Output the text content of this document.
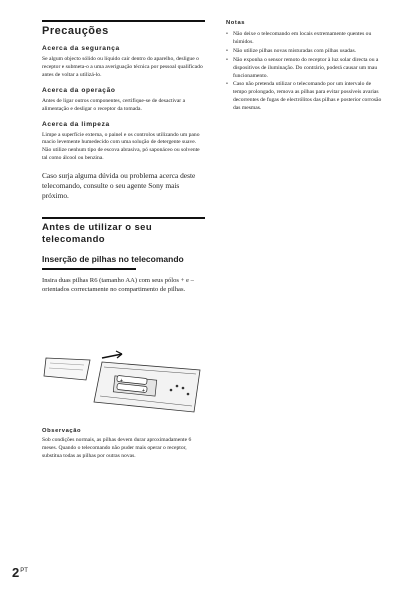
Precauções
Acerca da segurança

Se algum objecto sólido ou líquido cair dentro do aparelho, desligue o receptor e submeta-o a uma averiguação técnica por pessoal qualificado antes de voltar a utilizá-lo.

Acerca da operação

Antes de ligar outros componentes, certifique-se de desactivar a alimentação e desligar o receptor da tomada.

Acerca da limpeza

Limpe a superfície externa, o painel e os controlos utilizando um pano macio levemente humedecido com uma solução de detergente suave. Não utilize nenhum tipo de escova abrasiva, pó saponáceo ou solvente tal como álcool ou benzina.

Caso surja alguma dúvida ou problema acerca deste telecomando, consulte o seu agente Sony mais próximo.

Antes de utilizar o seu telecomando
Inserção de pilhas no telecomando

Insira duas pilhas R6 (tamanho AA) com seus pólos + e – orientados correctamente no compartimento de pilhas.

+
+
Observação

Sob condições normais, as pilhas devem durar aproximadamente 6 meses. Quando o telecomando não puder mais operar o receptor, substitua todas as pilhas por outras novas.

Notas
• Não deixe o telecomando em locais extremamente quentes ou húmidos.
• Não utilize pilhas novas misturadas com pilhas usadas.
• Não exponha o sensor remoto do receptor à luz solar directa ou a dispositivos de iluminação. Do contrário, poderá causar um mau funcionamento.
• Caso não pretenda utilizar o telecomando por um intervalo de tempo prolongado, remova as pilhas para evitar possíveis avarias decorrentes de fugas de electrólitos das pilhas e posterior corrosão das mesmas.
$2^{PT}$
